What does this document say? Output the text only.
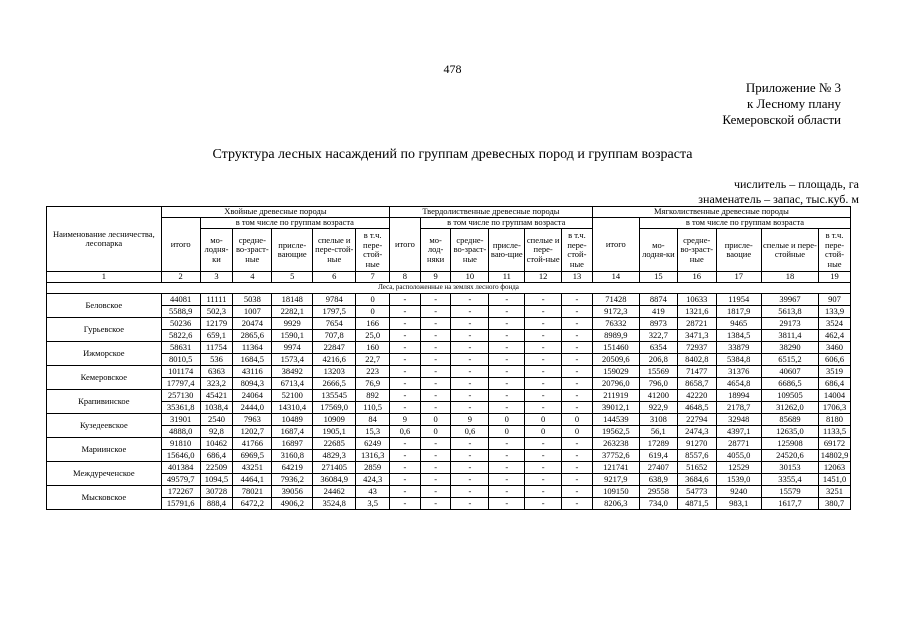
478
Приложение № 3
к Лесному плану
Кемеровской области
Структура лесных насаждений по группам древесных пород и группам возраста
числитель – площадь, га
знаменатель – запас, тыс.куб. м
Наименование лесничества, лесопарка	Хвойные древесные породы						Твердолиственные древесные породы						Мягколиственные древесные породы					
	итого	в том числе по группам возраста					итого	в том числе по группам возраста					итого	в том числе по группам возраста				
		мо-лодня-ки	средне-во-зраст-ные	присле-вающие	спелые и пере-стой-ные	в т.ч. пере-стой-ные		мо-лод-няки	средне-во-зраст-ные	присле-ваю-щие	спелые и пере-стой-ные	в т.ч. пере-стой-ные		мо-лодня-ки	средне-во-зраст-ные	присле-ваоцие	спелые и пере-стойные	в т.ч. пере-стой-ные
1	2	3	4	5	6	7	8	9	10	11	12	13	14	15	16	17	18	19
Леса, расположенные на землях лесного фонда																		
Беловское	44081	11111	5038	18148	9784	0	-	-	-	-	-	-	71428	8874	10633	11954	39967	907
	5588,9	502,3	1007	2282,1	1797,5	0	-	-	-	-	-	-	9172,3	419	1321,6	1817,9	5613,8	133,9
Гурьевское	50236	12179	20474	9929	7654	166	-	-	-	-	-	-	76332	8973	28721	9465	29173	3524
	5822,6	659,1	2865,6	1590,1	707,8	25,0	-	-	-	-	-	-	8989,9	322,7	3471,3	1384,5	3811,4	462,4
Ижморское	58631	11754	11364	9974	22847	160	-	-	-	-	-	-	151460	6354	72937	33879	38290	3460
	8010,5	536	1684,5	1573,4	4216,6	22,7	-	-	-	-	-	-	20509,6	206,8	8402,8	5384,8	6515,2	606,6
Кемеровское	101174	6363	43116	38492	13203	223	-	-	-	-	-	-	159029	15569	71477	31376	40607	3519
	17797,4	323,2	8094,3	6713,4	2666,5	76,9	-	-	-	-	-	-	20796,0	796,0	8658,7	4654,8	6686,5	686,4
Крапивинское	257130	45421	24064	52100	135545	892	-	-	-	-	-	-	211919	41200	42220	18994	109505	14004
	35361,8	1038,4	2444,0	14310,4	17569,0	110,5	-	-	-	-	-	-	39012,1	922,9	4648,5	2178,7	31262,0	1706,3
Кузедеевское	31901	2540	7963	10489	10909	84	9	0	9	0	0	0	144539	3108	22794	32948	85689	8180
	4888,0	92,8	1202,7	1687,4	1905,1	15,3	0,6	0	0,6	0	0	0	19562,5	56,1	2474,3	4397,1	12635,0	1133,5
Мариинское	91810	10462	41766	16897	22685	6249	-	-	-	-	-	-	263238	17289	91270	28771	125908	69172
	15646,0	686,4	6969,5	3160,8	4829,3	1316,3	-	-	-	-	-	-	37752,6	619,4	8557,6	4055,0	24520,6	14802,9
Междуреченское	401384	22509	43251	64219	271405	2859	-	-	-	-	-	-	121741	27407	51652	12529	30153	12063
	49579,7	1094,5	4464,1	7936,2	36084,9	424,3	-	-	-	-	-	-	9217,9	638,9	3684,6	1539,0	3355,4	1451,0
Мысковское	172267	30728	78021	39056	24462	43	-	-	-	-	-	-	109150	29558	54773	9240	15579	3251
	15791,6	888,4	6472,2	4906,2	3524,8	3,5	-	-	-	-	-	-	8206,3	734,0	4871,5	983,1	1617,7	380,7
